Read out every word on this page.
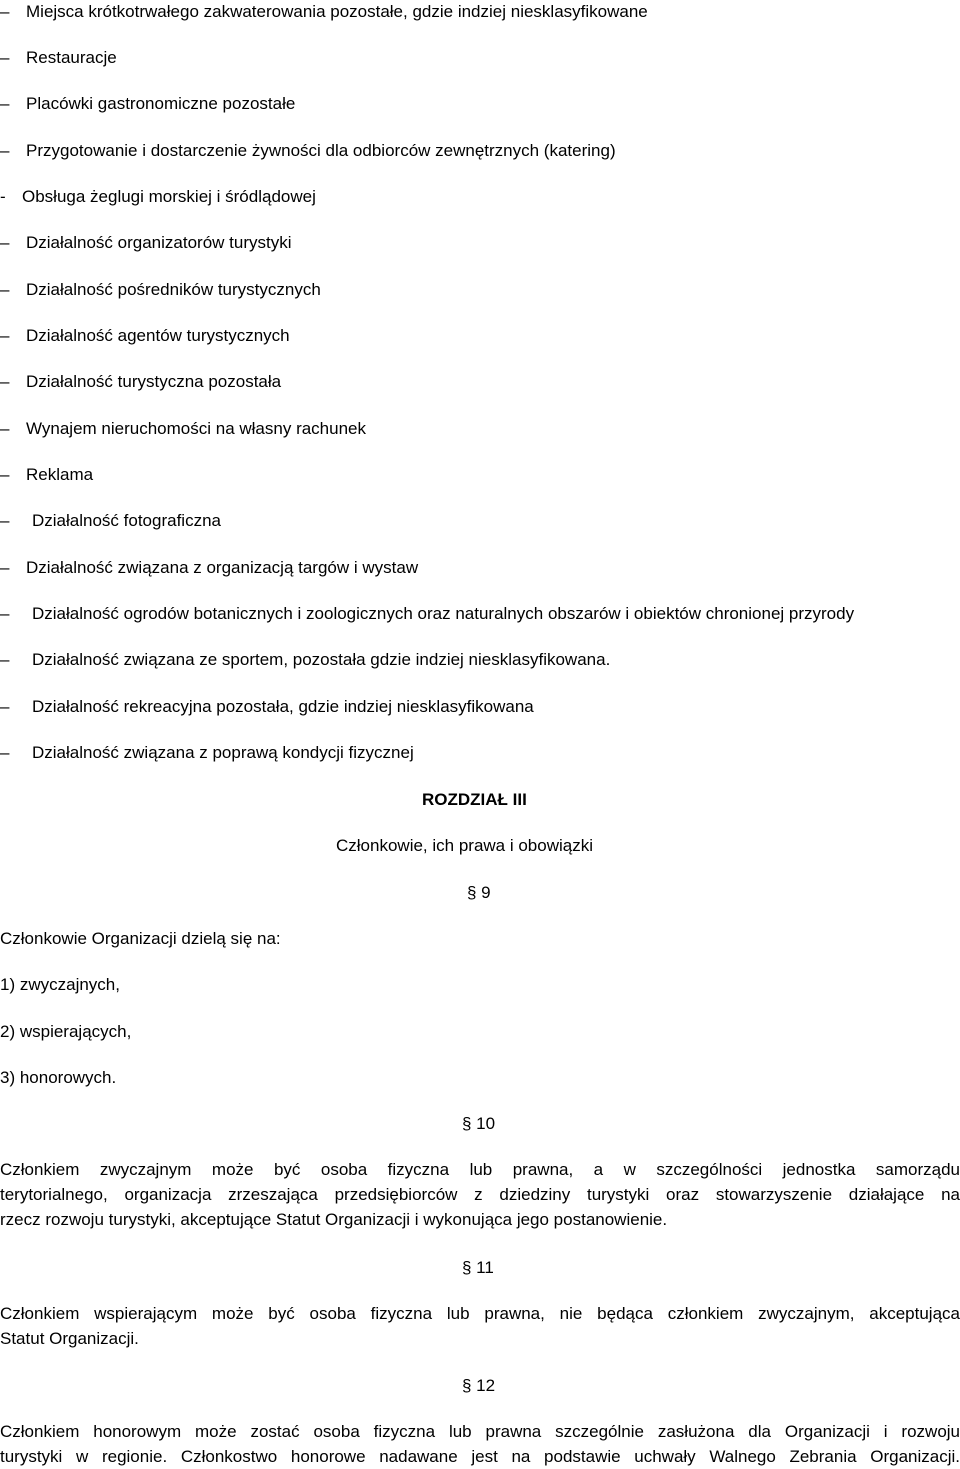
– Miejsca krótkotrwałego zakwaterowania pozostałe, gdzie indziej niesklasyfikowane
– Restauracje
– Placówki gastronomiczne pozostałe
– Przygotowanie i dostarczenie żywności dla odbiorców zewnętrznych (katering)
- Obsługa żeglugi morskiej i śródlądowej
– Działalność organizatorów turystyki
– Działalność pośredników turystycznych
– Działalność agentów turystycznych
– Działalność turystyczna pozostała
– Wynajem nieruchomości na własny rachunek
– Reklama
– Działalność fotograficzna
– Działalność związana z organizacją targów i wystaw
– Działalność ogrodów botanicznych i zoologicznych oraz naturalnych obszarów i obiektów chronionej przyrody
– Działalność związana ze sportem, pozostała gdzie indziej niesklasyfikowana.
– Działalność rekreacyjna pozostała, gdzie indziej niesklasyfikowana
– Działalność związana z poprawą kondycji fizycznej
ROZDZIAŁ III
Członkowie, ich prawa i obowiązki
§ 9
Członkowie Organizacji dzielą się na:
1) zwyczajnych,
2) wspierających,
3) honorowych.
§ 10
Członkiem zwyczajnym może być osoba fizyczna lub prawna, a w szczególności jednostka samorządu
terytorialnego, organizacja zrzeszająca przedsiębiorców z dziedziny turystyki oraz stowarzyszenie działające na
rzecz rozwoju turystyki, akceptujące Statut Organizacji i wykonująca jego postanowienie.
§ 11
Członkiem wspierającym może być osoba fizyczna lub prawna, nie będąca członkiem zwyczajnym, akceptująca
Statut Organizacji.
§ 12
Członkiem honorowym może zostać osoba fizyczna lub prawna szczególnie zasłużona dla Organizacji i rozwoju
turystyki w regionie. Członkostwo honorowe nadawane jest na podstawie uchwały Walnego Zebrania Organizacji.
